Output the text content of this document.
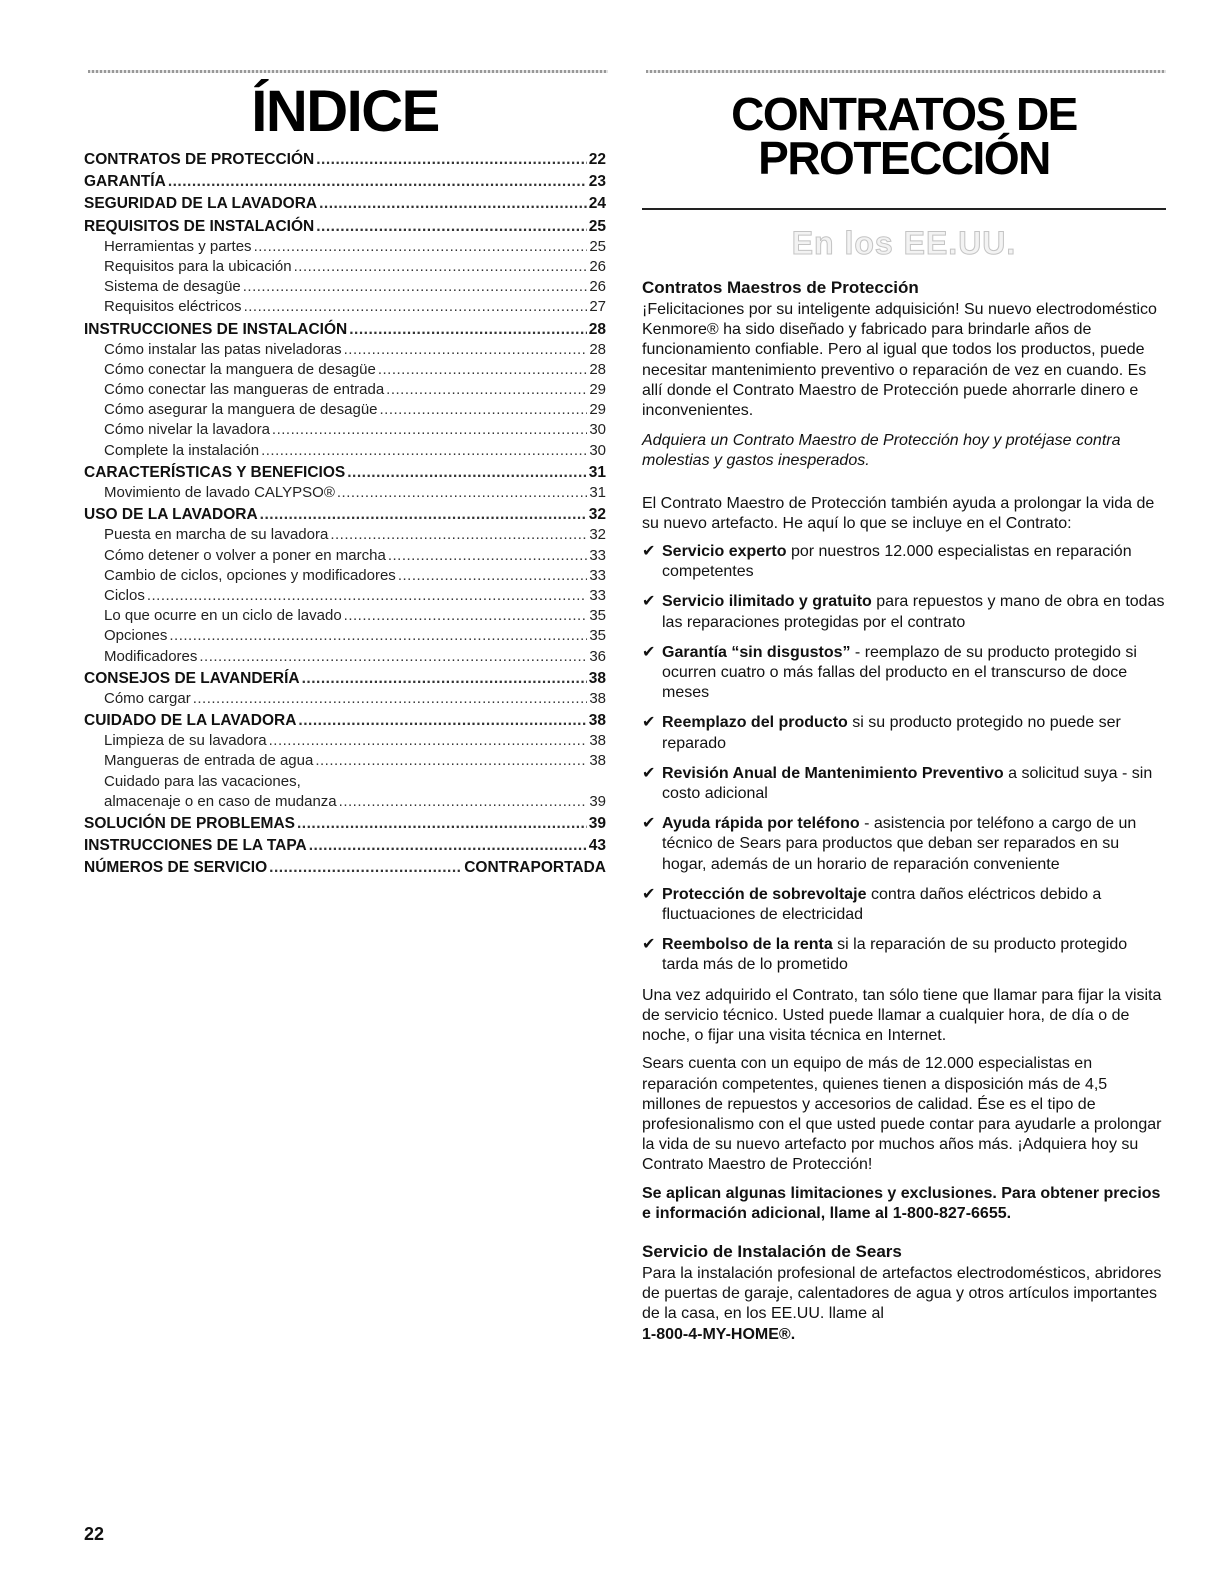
ÍNDICE
CONTRATOS DE PROTECCIÓN .....	22
GARANTÍA .....	23
SEGURIDAD DE LA LAVADORA .....	24
REQUISITOS DE INSTALACIÓN .....	25
Herramientas y partes .....	25
Requisitos para la ubicación .....	26
Sistema de desagüe .....	26
Requisitos eléctricos .....	27
INSTRUCCIONES DE INSTALACIÓN .....	28
Cómo instalar las patas niveladoras .....	28
Cómo conectar la manguera de desagüe .....	28
Cómo conectar las mangueras de entrada .....	29
Cómo asegurar la manguera de desagüe .....	29
Cómo nivelar la lavadora .....	30
Complete la instalación .....	30
CARACTERÍSTICAS Y BENEFICIOS .....	31
Movimiento de lavado CALYPSO® .....	31
USO DE LA LAVADORA .....	32
Puesta en marcha de su lavadora .....	32
Cómo detener o volver a poner en marcha .....	33
Cambio de ciclos, opciones y modificadores .....	33
Ciclos .....	33
Lo que ocurre en un ciclo de lavado .....	35
Opciones .....	35
Modificadores .....	36
CONSEJOS DE LAVANDERÍA .....	38
Cómo cargar .....	38
CUIDADO DE LA LAVADORA .....	38
Limpieza de su lavadora .....	38
Mangueras de entrada de agua .....	38
Cuidado para las vacaciones,
almacenaje o en caso de mudanza .....	39
SOLUCIÓN DE PROBLEMAS .....	39
INSTRUCCIONES DE LA TAPA .....	43
NÚMEROS DE SERVICIO .....	CONTRAPORTADA
CONTRATOS DE
PROTECCIÓN
En los EE.UU.
Contratos Maestros de Protección

¡Felicitaciones por su inteligente adquisición! Su nuevo electrodoméstico Kenmore® ha sido diseñado y fabricado para brindarle años de funcionamiento confiable. Pero al igual que todos los productos, puede necesitar mantenimiento preventivo o reparación de vez en cuando. Es allí donde el Contrato Maestro de Protección puede ahorrarle dinero e inconvenientes.

Adquiera un Contrato Maestro de Protección hoy y protéjase contra molestias y gastos inesperados.

El Contrato Maestro de Protección también ayuda a prolongar la vida de su nuevo artefacto. He aquí lo que se incluye en el Contrato:

✔ Servicio experto por nuestros 12.000 especialistas en reparación competentes
✔ Servicio ilimitado y gratuito para repuestos y mano de obra en todas las reparaciones protegidas por el contrato
✔ Garantía “sin disgustos” - reemplazo de su producto protegido si ocurren cuatro o más fallas del producto en el transcurso de doce meses
✔ Reemplazo del producto si su producto protegido no puede ser reparado
✔ Revisión Anual de Mantenimiento Preventivo a solicitud suya - sin costo adicional
✔ Ayuda rápida por teléfono - asistencia por teléfono a cargo de un técnico de Sears para productos que deban ser reparados en su hogar, además de un horario de reparación conveniente
✔ Protección de sobrevoltaje contra daños eléctricos debido a fluctuaciones de electricidad
✔ Reembolso de la renta si la reparación de su producto protegido tarda más de lo prometido

Una vez adquirido el Contrato, tan sólo tiene que llamar para fijar la visita de servicio técnico. Usted puede llamar a cualquier hora, de día o de noche, o fijar una visita técnica en Internet.

Sears cuenta con un equipo de más de 12.000 especialistas en reparación competentes, quienes tienen a disposición más de 4,5 millones de repuestos y accesorios de calidad. Ése es el tipo de profesionalismo con el que usted puede contar para ayudarle a prolongar la vida de su nuevo artefacto por muchos años más. ¡Adquiera hoy su Contrato Maestro de Protección!

Se aplican algunas limitaciones y exclusiones. Para obtener precios e información adicional, llame al 1-800-827-6655.

Servicio de Instalación de Sears

Para la instalación profesional de artefactos electrodomésticos, abridores de puertas de garaje, calentadores de agua y otros artículos importantes de la casa, en los EE.UU. llame al
1-800-4-MY-HOME®.

22
